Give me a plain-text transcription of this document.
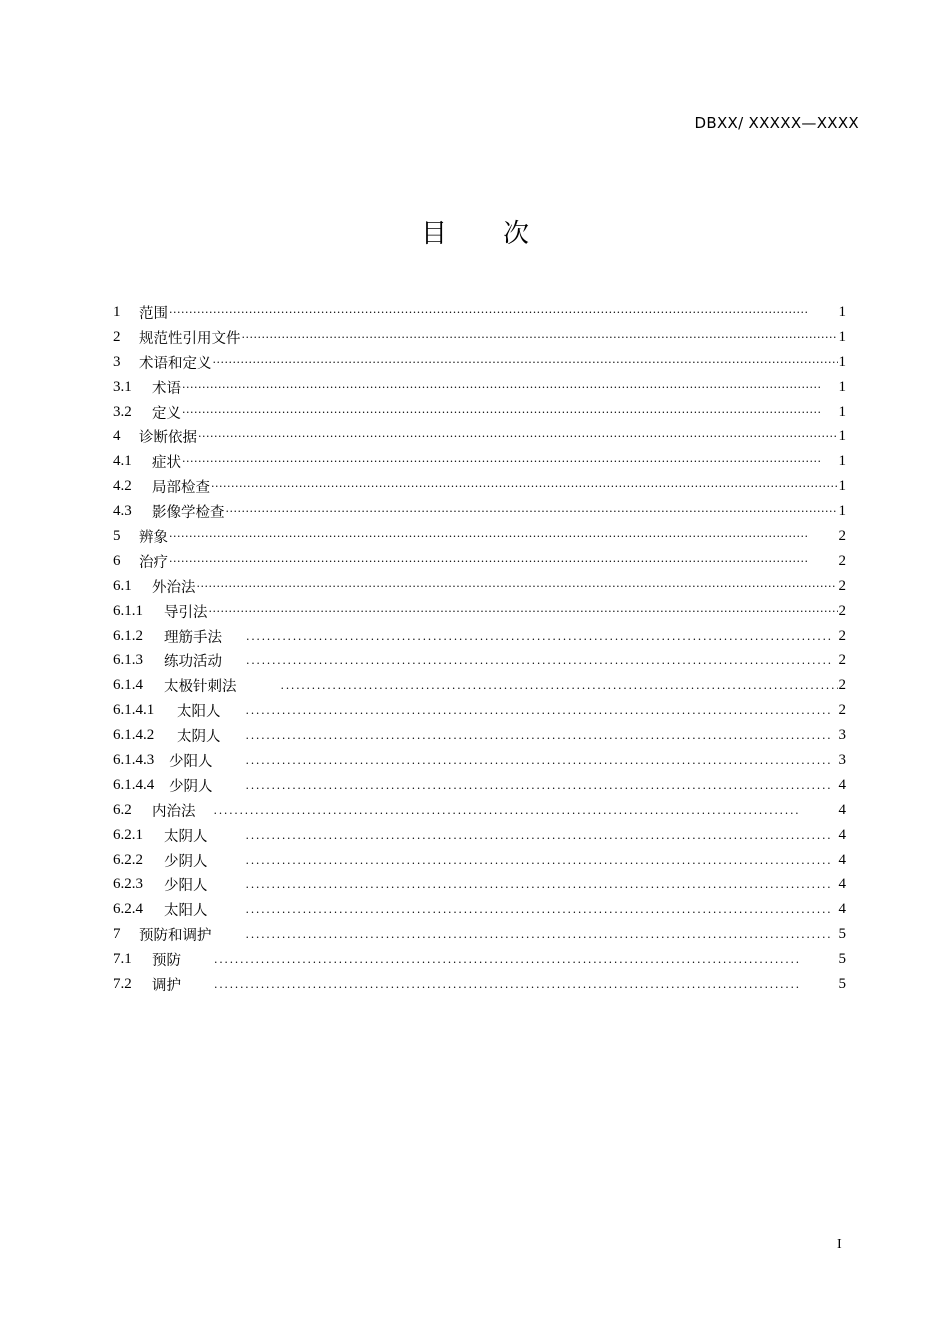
DBXX/ XXXXX—XXXX
目次
1	范围 ·····	1
2	规范性引用文件 ·····	1
3	术语和定义 ·····	1
3.1	术语 ·····	1
3.2	定义 ·····	1
4	诊断依据 ·····	1
4.1	症状 ·····	1
4.2	局部检查 ·····	1
4.3	影像学检查 ·····	1
5	辨象 ·····	2
6	治疗 ·····	2
6.1	外治法 ·····	2
6.1.1	导引法 ·····	2
6.1.2	理筋手法 . . .	2
6.1.3	练功活动 . . .	2
6.1.4	太极针刺法 . . .	2
6.1.4.1	太阳人 . . .	2
6.1.4.2	太阴人 . . .	3
6.1.4.3	少阳人 . . .	3
6.1.4.4	少阴人 . . .	4
6.2	内治法 . . .	4
6.2.1	太阴人 . . .	4
6.2.2	少阴人 . . .	4
6.2.3	少阳人 . . .	4
6.2.4	太阳人 . . .	4
7	预防和调护 . . .	5
7.1	预防 . . .	5
7.2	调护 . . .	5
I
